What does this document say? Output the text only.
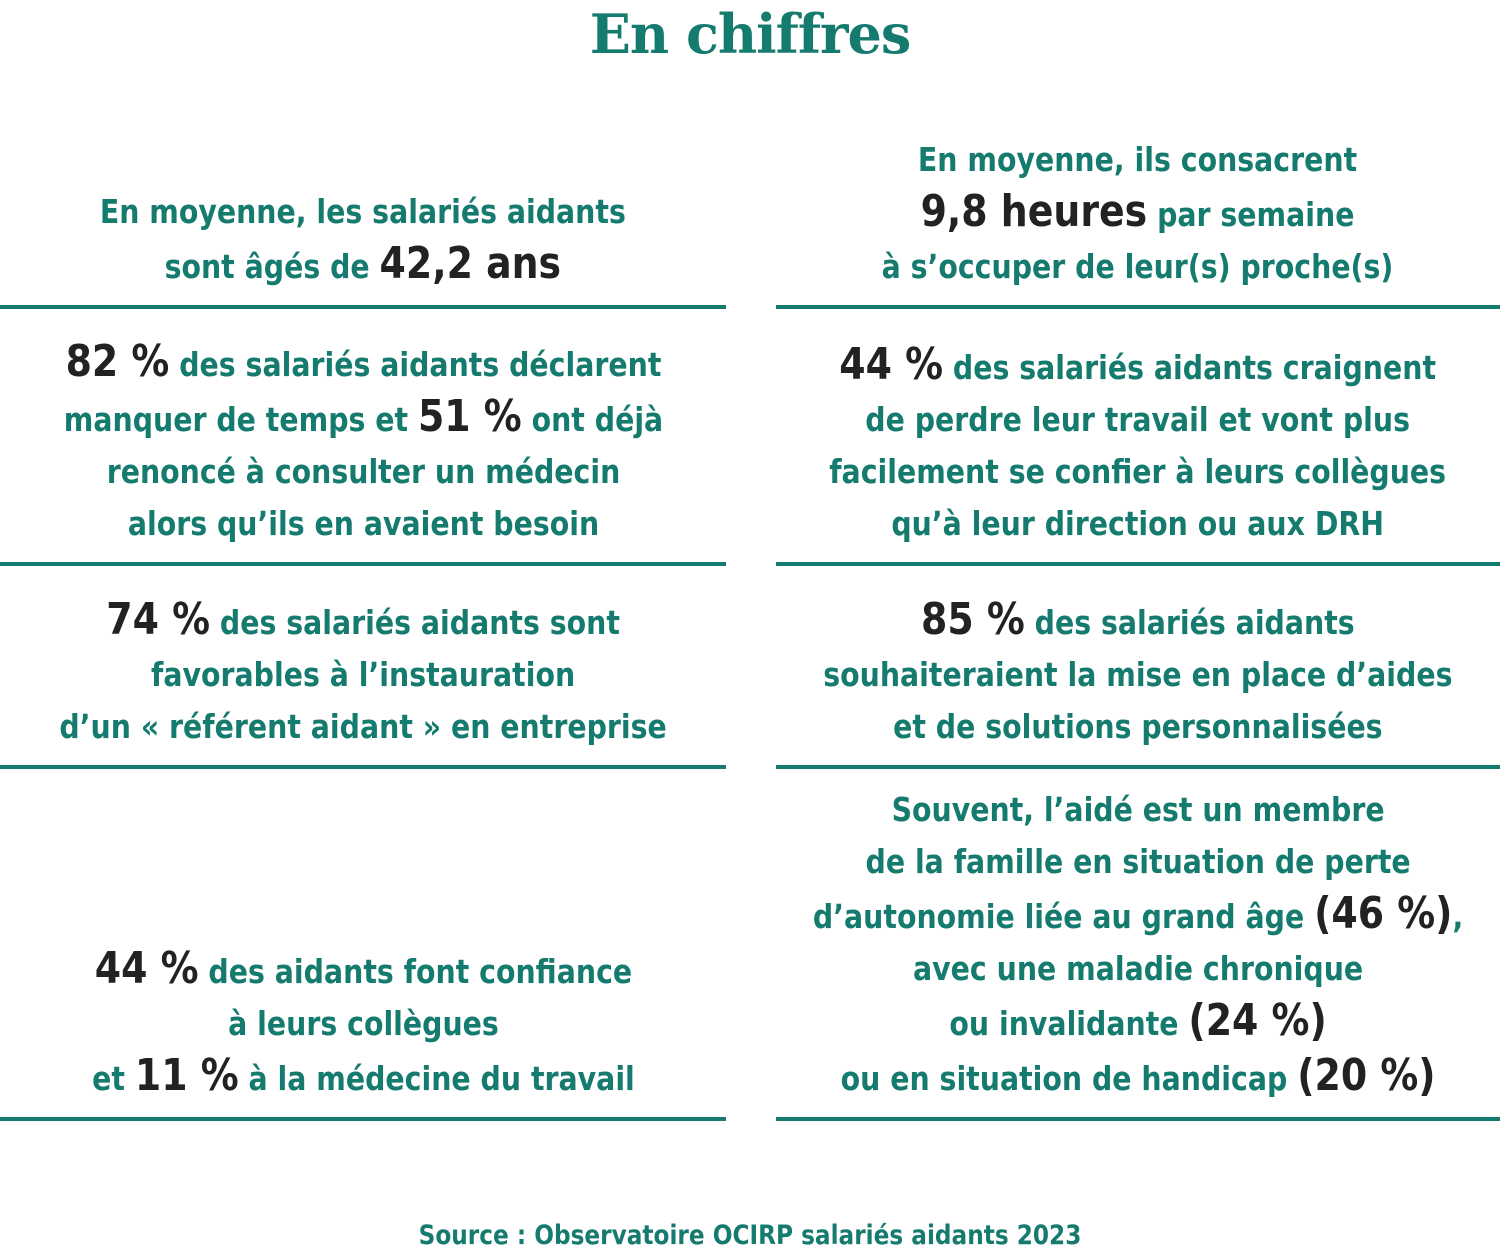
En chiffres
En moyenne, les salariés aidants
sont âgés de 42,2 ans
En moyenne, ils consacrent
9,8 heures par semaine
à s’occuper de leur(s) proche(s)
82 % des salariés aidants déclarent
manquer de temps et 51 % ont déjà
renoncé à consulter un médecin
alors qu’ils en avaient besoin
44 % des salariés aidants craignent
de perdre leur travail et vont plus
facilement se confier à leurs collègues
qu’à leur direction ou aux DRH
74 % des salariés aidants sont
favorables à l’instauration
d’un « référent aidant » en entreprise
85 % des salariés aidants
souhaiteraient la mise en place d’aides
et de solutions personnalisées
44 % des aidants font confiance
à leurs collègues
et 11 % à la médecine du travail
Souvent, l’aidé est un membre
de la famille en situation de perte
d’autonomie liée au grand âge (46 %),
avec une maladie chronique
ou invalidante (24 %)
ou en situation de handicap (20 %)
Source : Observatoire OCIRP salariés aidants 2023
